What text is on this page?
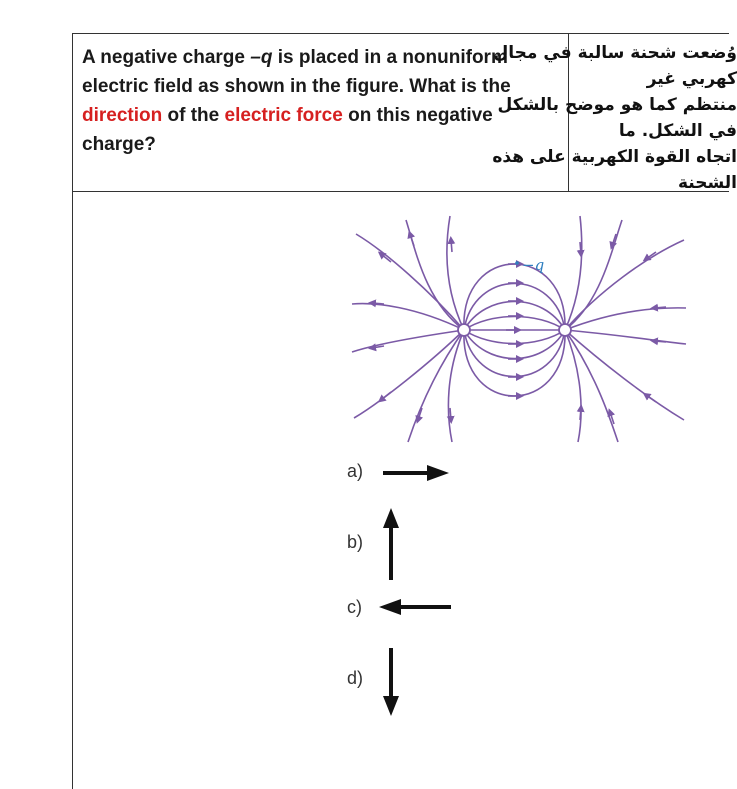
A negative charge –q is placed in a nonuniform electric field as shown in the figure. What is the direction of the electric force on this negative charge?
وُضعت شحنة سالبة في مجال كهربي غير
منتظم كما هو موضح بالشكل في الشكل. ما
اتجاه القوة الكهربية على هذه الشحنة
−q
a)
b)
c)
d)
